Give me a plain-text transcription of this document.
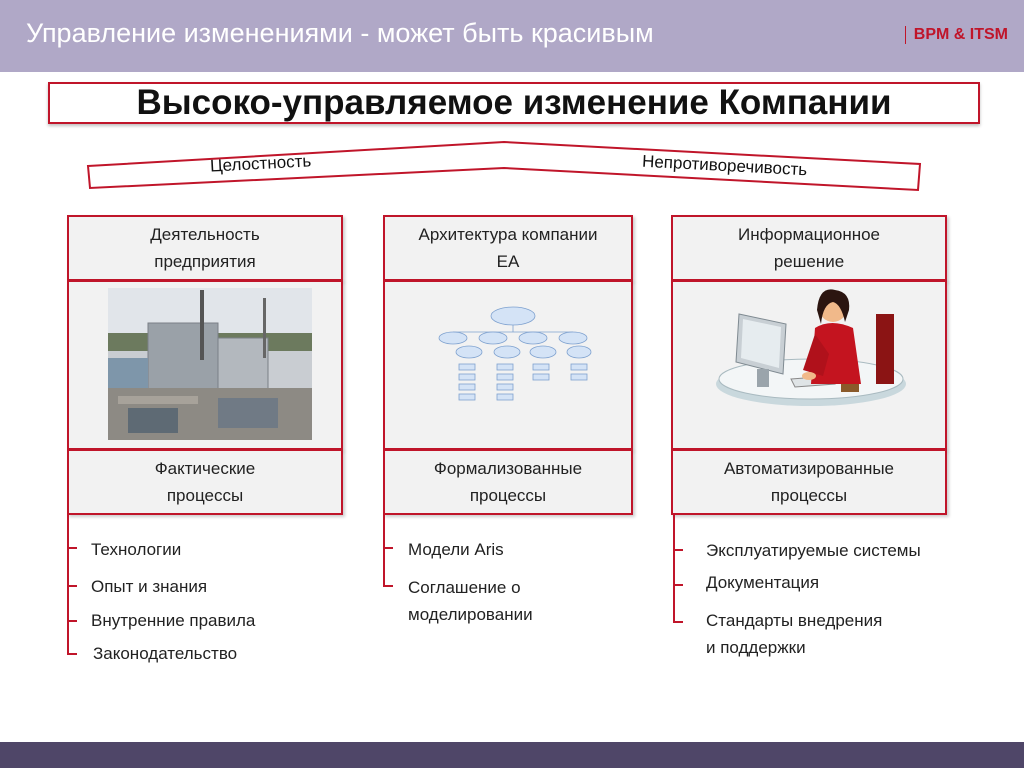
Управление изменениями - может быть красивым	BPM & ITSM
Высоко-управляемое изменение Компании
Целостность	Непротиворечивость
Деятельность
предприятия
Фактические
процессы
Технологии
Опыт и знания
Внутренние правила
Законодательство
Архитектура компании
EA
Формализованные
процессы
Модели Aris
Соглашение о
моделировании
Информационное
решение
Автоматизированные
процессы
Эксплуатируемые системы
Документация
Стандарты внедрения
и поддержки
